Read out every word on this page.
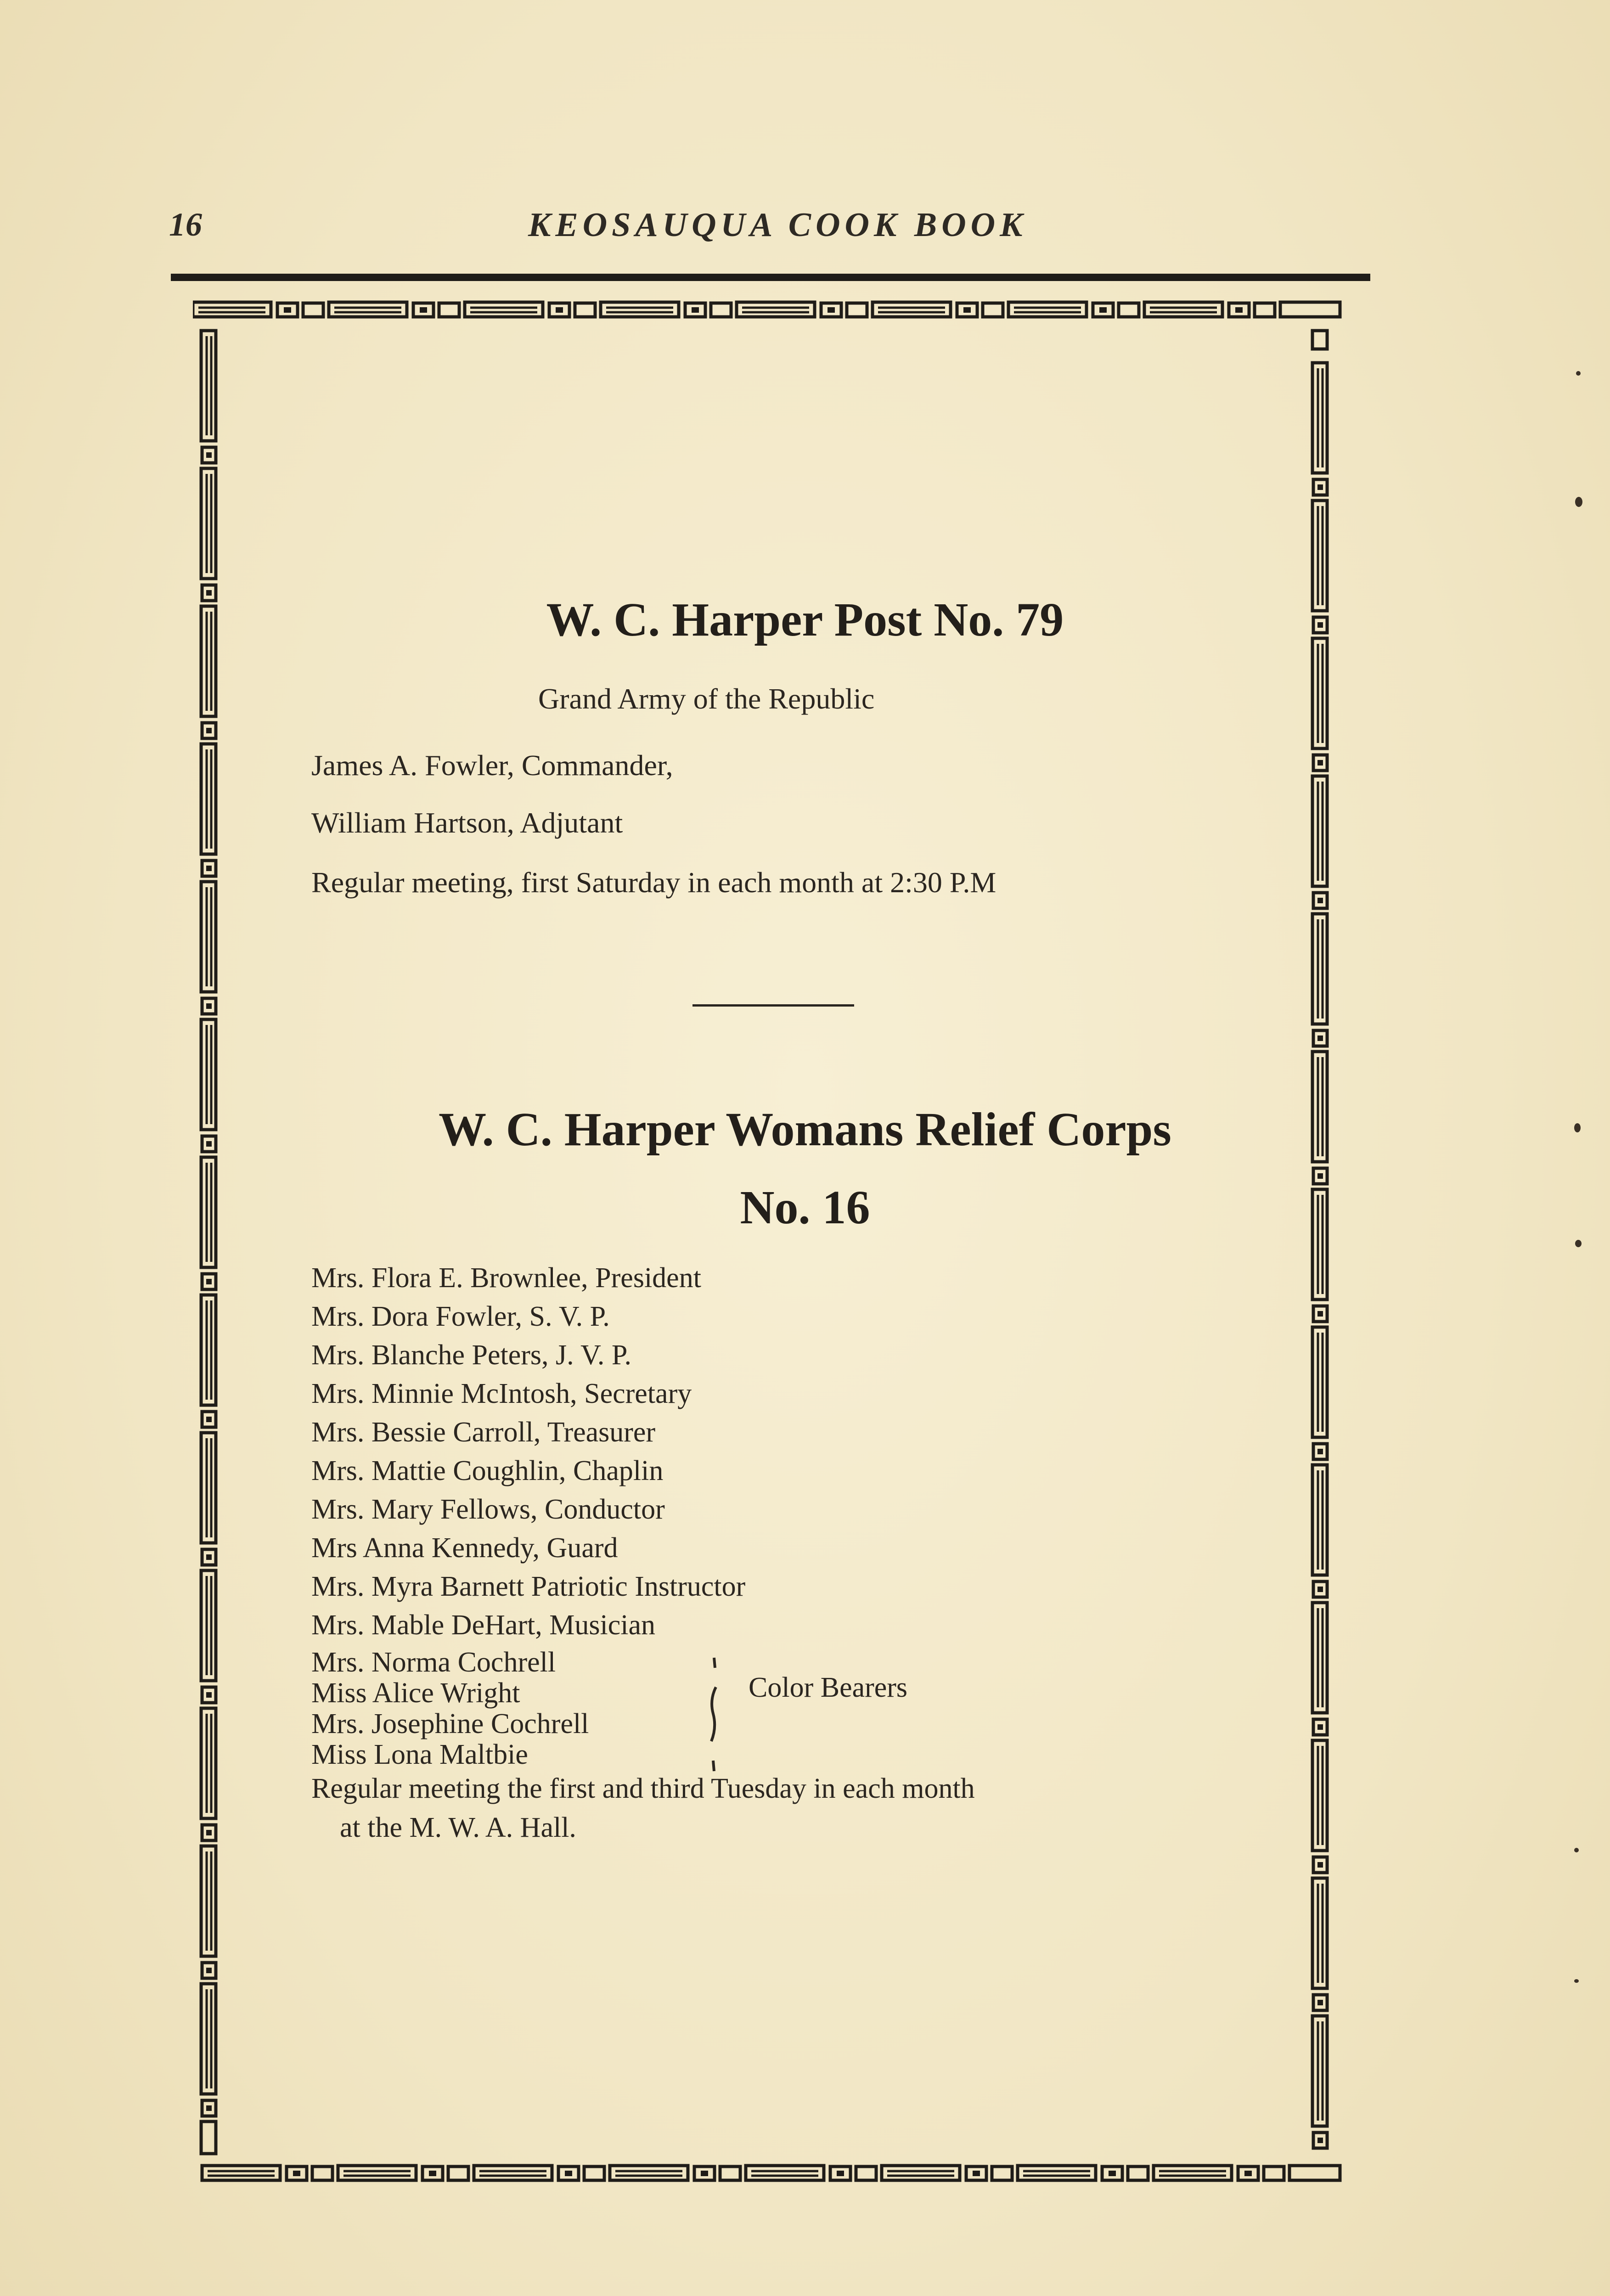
16	KEOSAUQUA COOK BOOK
W. C. Harper Post No. 79
Grand Army of the Republic
James A. Fowler, Commander,
William Hartson, Adjutant
Regular meeting, first Saturday in each month at 2:30 P.M
W. C. Harper Womans Relief Corps
No. 16
Mrs. Flora E. Brownlee, President
Mrs. Dora Fowler, S. V. P.
Mrs. Blanche Peters, J. V. P.
Mrs. Minnie McIntosh, Secretary
Mrs. Bessie Carroll, Treasurer
Mrs. Mattie Coughlin, Chaplin
Mrs. Mary Fellows, Conductor
Mrs Anna Kennedy, Guard
Mrs. Myra Barnett Patriotic Instructor
Mrs. Mable DeHart, Musician
Mrs. Norma Cochrell
Miss Alice Wright
Mrs. Josephine Cochrell
Miss Lona Maltbie
Color Bearers
Regular meeting the first and third Tuesday in each month
at the M. W. A. Hall.
